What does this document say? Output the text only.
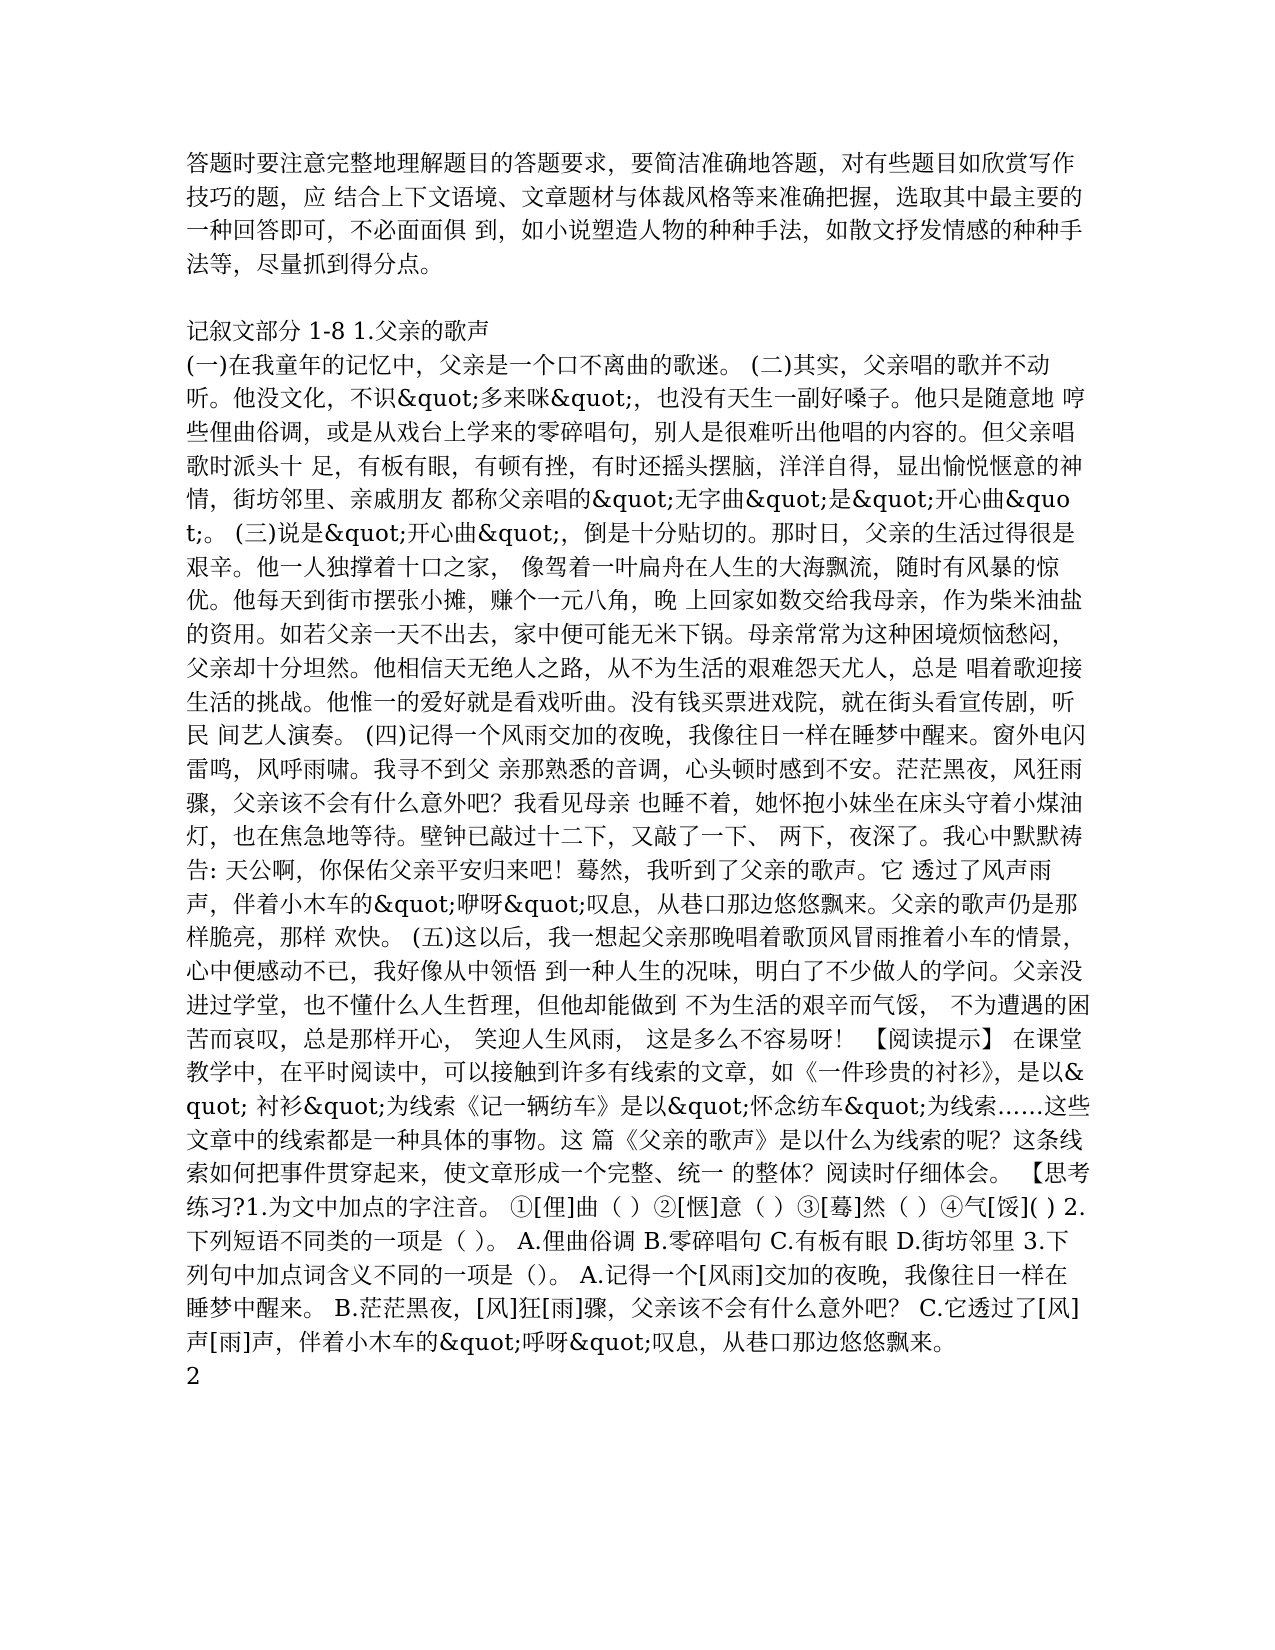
答题时要注意完整地理解题目的答题要求，要简洁准确地答题，对有些题目如欣赏写作技巧的题，应 结合上下文语境、文章题材与体裁风格等来准确把握，选取其中最主要的一种回答即可，不必面面俱 到，如小说塑造人物的种种手法，如散文抒发情感的种种手法等，尽量抓到得分点。

记叙文部分 1-8 1.父亲的歌声

(一)在我童年的记忆中，父亲是一个口不离曲的歌迷。 (二)其实，父亲唱的歌并不动听。他没文化，不识&quot;多来咪&quot;，也没有天生一副好嗓子。他只是随意地 哼些俚曲俗调，或是从戏台上学来的零碎唱句，别人是很难听出他唱的内容的。但父亲唱歌时派头十 足，有板有眼，有顿有挫，有时还摇头摆脑，洋洋自得，显出愉悦惬意的神情，街坊邻里、亲戚朋友 都称父亲唱的&quot;无字曲&quot;是&quot;开心曲&quot;。 (三)说是&quot;开心曲&quot;，倒是十分贴切的。那时日，父亲的生活过得很是艰辛。他一人独撑着十口之家， 像驾着一叶扁舟在人生的大海飘流，随时有风暴的惊优。他每天到街市摆张小摊，赚个一元八角，晚 上回家如数交给我母亲，作为柴米油盐的资用。如若父亲一天不出去，家中便可能无米下锅。母亲常常为这种困境烦恼愁闷，父亲却十分坦然。他相信天无绝人之路，从不为生活的艰难怨天尤人，总是 唱着歌迎接生活的挑战。他惟一的爱好就是看戏听曲。没有钱买票进戏院，就在街头看宣传剧，听民 间艺人演奏。 (四)记得一个风雨交加的夜晚，我像往日一样在睡梦中醒来。窗外电闪雷鸣，风呼雨啸。我寻不到父 亲那熟悉的音调，心头顿时感到不安。茫茫黑夜，风狂雨骤，父亲该不会有什么意外吧？我看见母亲 也睡不着，她怀抱小妹坐在床头守着小煤油灯，也在焦急地等待。壁钟已敲过十二下，又敲了一下、 两下，夜深了。我心中默默祷告: 天公啊，你保佑父亲平安归来吧！蓦然，我听到了父亲的歌声。它 透过了风声雨声，伴着小木车的&quot;咿呀&quot;叹息，从巷口那边悠悠飘来。父亲的歌声仍是那样脆亮，那样 欢快。 (五)这以后，我一想起父亲那晚唱着歌顶风冒雨推着小车的情景，心中便感动不已，我好像从中领悟 到一种人生的况味，明白了不少做人的学问。父亲没进过学堂，也不懂什么人生哲理，但他却能做到 不为生活的艰辛而气馁， 不为遭遇的困苦而哀叹，总是那样开心， 笑迎人生风雨， 这是多么不容易呀！ 【阅读提示】 在课堂教学中，在平时阅读中，可以接触到许多有线索的文章，如《一件珍贵的衬衫》，是以&quot; 衬衫&quot;为线索《记一辆纺车》是以&quot;怀念纺车&quot;为线索……这些文章中的线索都是一种具体的事物。这 篇《父亲的歌声》是以什么为线索的呢？这条线索如何把事件贯穿起来，使文章形成一个完整、统一 的整体？阅读时仔细体会。 【思考练习?1.为文中加点的字注音。 ①[俚]曲（ ）②[惬]意（ ）③[蓦]然（ ）④气[馁]( ) 2.下列短语不同类的一项是（ ）。 A.俚曲俗调 B.零碎唱句 C.有板有眼 D.街坊邻里 3.下列句中加点词含义不同的一项是（）。 A.记得一个[风雨]交加的夜晚，我像往日一样在睡梦中醒来。 B.茫茫黑夜，[风]狂[雨]骤，父亲该不会有什么意外吧？ C.它透过了[风]声[雨]声，伴着小木车的&quot;呼呀&quot;叹息，从巷口那边悠悠飘来。

2
